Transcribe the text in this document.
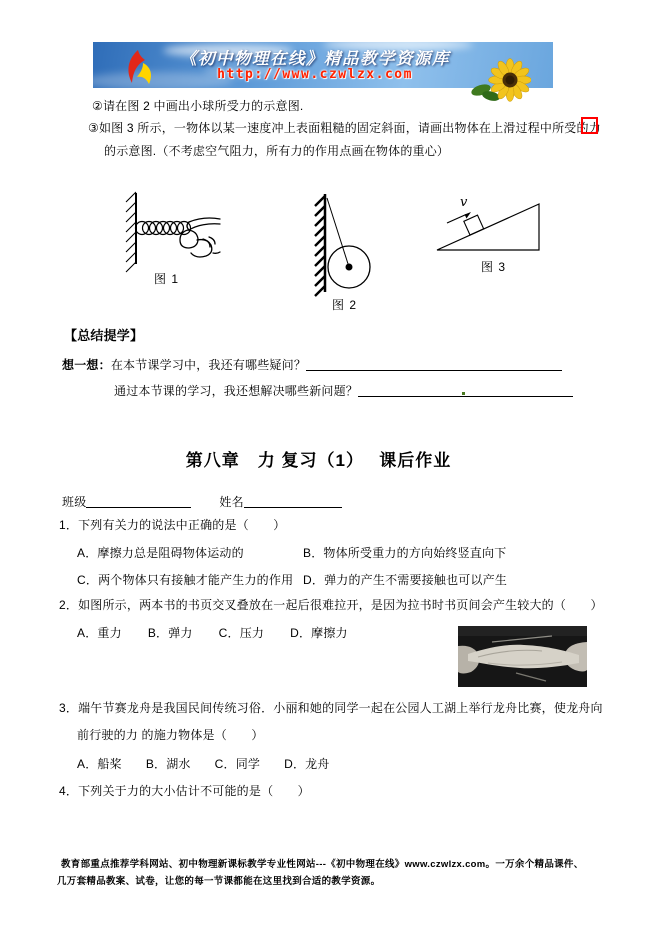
《初中物理在线》精品教学资源库
http://www.czwlzx.com
②请在图 2 中画出小球所受力的示意图.
③如图 3 所示，一物体以某一速度冲上表面粗糙的固定斜面，请画出物体在上滑过程中所受的力
的示意图.（不考虑空气阻力，所有力的作用点画在物体的重心）
图 1
图 2
v
图 3
【总结提学】
想一想：在本节课学习中，我还有哪些疑问？
通过本节课的学习，我还想解决哪些新问题？
第八章　力 复习（1）　 课后作业
班级	姓名
1．下列有关力的说法中正确的是（　　）
A．摩擦力总是阻碍物体运动的	B．物体所受重力的方向始终竖直向下
C．两个物体只有接触才能产生力的作用 D．弹力的产生不需要接触也可以产生
2．如图所示，两本书的书页交叉叠放在一起后很难拉开，是因为拉书时书页间会产生较大的（　　）
A．重力 B．弹力 C．压力 D．摩擦力
3．端午节赛龙舟是我国民间传统习俗．小丽和她的同学一起在公园人工湖上举行龙舟比赛，使龙舟向
前行驶的力 的施力物体是（　　）
A．船桨 B．湖水 C．同学 D．龙舟
4．下列关于力的大小估计不可能的是（　　）
教育部重点推荐学科网站、初中物理新课标教学专业性网站---《初中物理在线》www.czwlzx.com。一万余个精品课件、
几万套精品教案、试卷，让您的每一节课都能在这里找到合适的教学资源。
